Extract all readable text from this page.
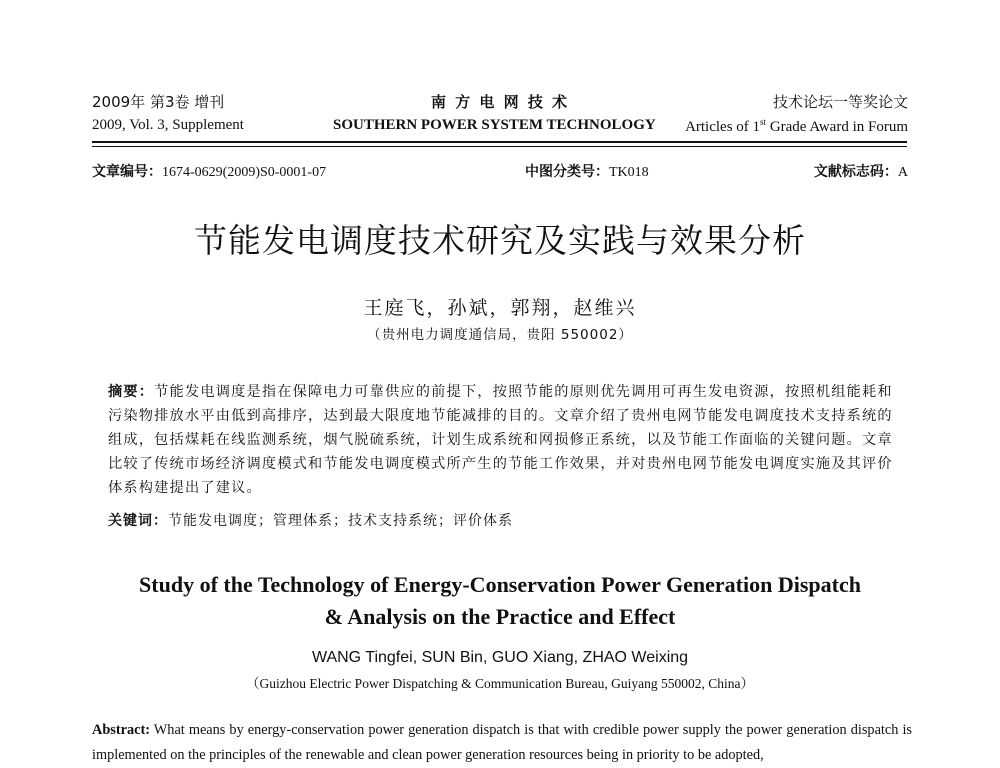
2009年 第3卷 增刊	南 方 电 网 技 术	技术论坛一等奖论文
2009, Vol. 3, Supplement	SOUTHERN POWER SYSTEM TECHNOLOGY Articles of 1st Grade Award in Forum
文章编号：1674-0629(2009)S0-0001-07	中图分类号：TK018	文献标志码：A
节能发电调度技术研究及实践与效果分析
王庭飞，孙斌，郭翔，赵维兴
（贵州电力调度通信局，贵阳 550002）
摘要：节能发电调度是指在保障电力可靠供应的前提下，按照节能的原则优先调用可再生发电资源，按照机组能耗和污染物排放水平由低到高排序，达到最大限度地节能减排的目的。文章介绍了贵州电网节能发电调度技术支持系统的组成，包括煤耗在线监测系统，烟气脱硫系统，计划生成系统和网损修正系统，以及节能工作面临的关键问题。文章比较了传统市场经济调度模式和节能发电调度模式所产生的节能工作效果，并对贵州电网节能发电调度实施及其评价体系构建提出了建议。
关键词：节能发电调度；管理体系；技术支持系统；评价体系
Study of the Technology of Energy-Conservation Power Generation Dispatch
& Analysis on the Practice and Effect
WANG Tingfei, SUN Bin, GUO Xiang, ZHAO Weixing
（Guizhou Electric Power Dispatching & Communication Bureau, Guiyang 550002, China）
Abstract: What means by energy-conservation power generation dispatch is that with credible power supply the power generation dispatch is implemented on the principles of the renewable and clean power generation resources being in priority to be adopted,
